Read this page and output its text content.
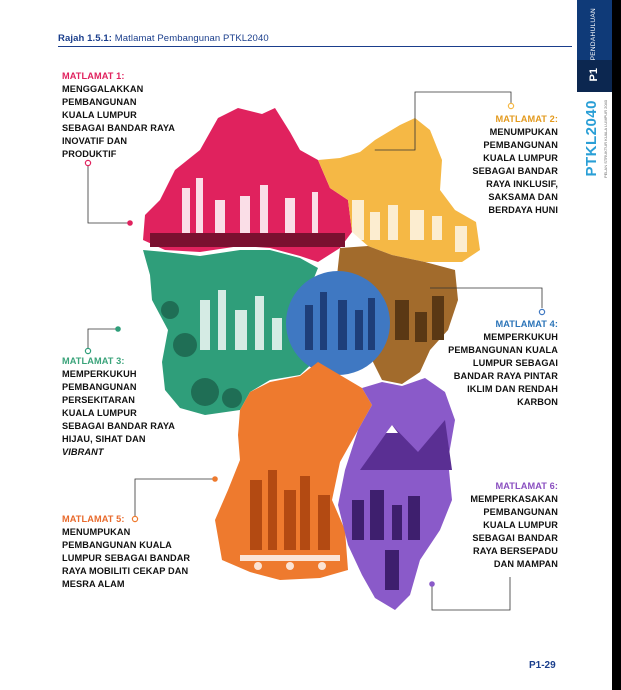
Rajah 1.5.1: Matlamat Pembangunan PTKL2040	PENDAHULUAN
P1
PTKL2040 PELAN STRUKTUR KUALA LUMPUR 2040
MATLAMAT 1:
MENGGALAKKAN
PEMBANGUNAN
KUALA LUMPUR
SEBAGAI BANDAR RAYA
INOVATIF DAN
PRODUKTIF
MATLAMAT 2:
MENUMPUKAN
PEMBANGUNAN
KUALA LUMPUR
SEBAGAI BANDAR
RAYA INKLUSIF,
SAKSAMA DAN
BERDAYA HUNI
MATLAMAT 3:
MEMPERKUKUH
PEMBANGUNAN
PERSEKITARAN
KUALA LUMPUR
SEBAGAI BANDAR RAYA
HIJAU, SIHAT DAN
VIBRANT
MATLAMAT 4:
MEMPERKUKUH
PEMBANGUNAN KUALA
LUMPUR SEBAGAI
BANDAR RAYA PINTAR
IKLIM DAN RENDAH
KARBON
MATLAMAT 5:
MENUMPUKAN
PEMBANGUNAN KUALA
LUMPUR SEBAGAI BANDAR
RAYA MOBILITI CEKAP DAN
MESRA ALAM
MATLAMAT 6:
MEMPERKASAKAN
PEMBANGUNAN
KUALA LUMPUR
SEBAGAI BANDAR
RAYA BERSEPADU
DAN MAMPAN
P1-29
